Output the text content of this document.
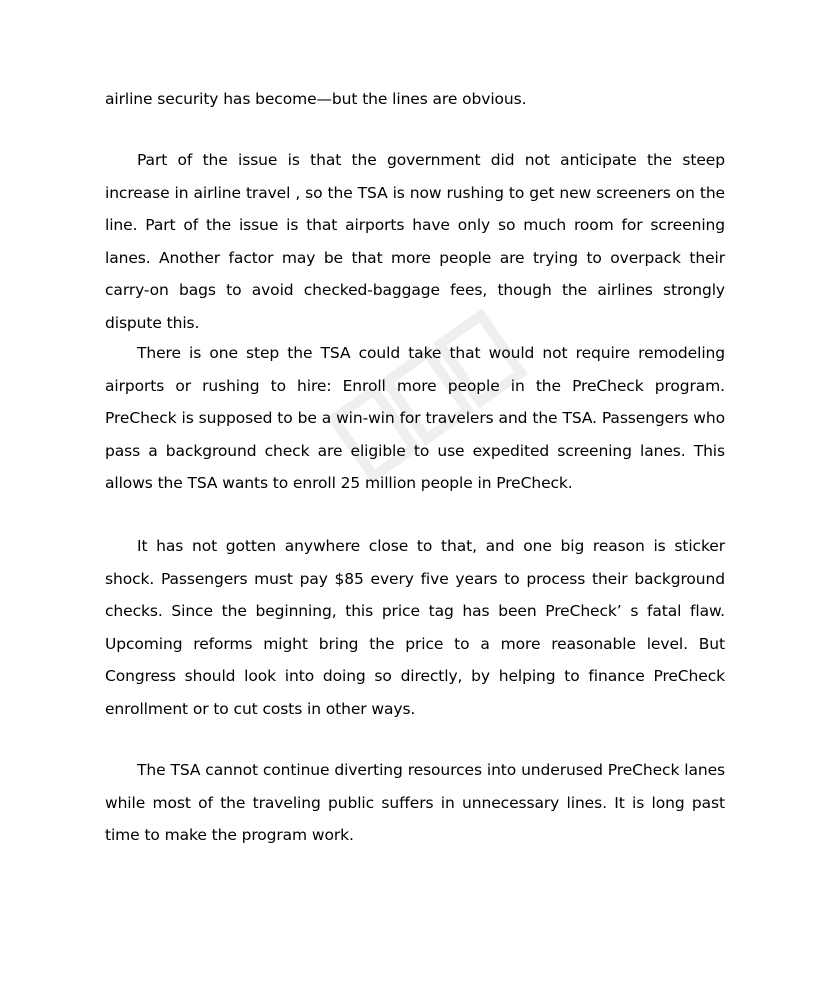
airline security has become—but the lines are obvious.
Part of the issue is that the government did not anticipate the steep increase in airline travel , so the TSA is now rushing to get new screeners on the line. Part of the issue is that airports have only so much room for screening lanes. Another factor may be that more people are trying to overpack their carry-on bags to avoid checked-baggage fees, though the airlines strongly dispute this.
There is one step the TSA could take that would not require remodeling airports or rushing to hire: Enroll more people in the PreCheck program. PreCheck is supposed to be a win-win for travelers and the TSA. Passengers who pass a background check are eligible to use expedited screening lanes. This allows the TSA wants to enroll 25 million people in PreCheck.
It has not gotten anywhere close to that, and one big reason is sticker shock. Passengers must pay $85 every five years to process their background checks. Since the beginning, this price tag has been PreCheck’ s fatal flaw. Upcoming reforms might bring the price to a more reasonable level. But Congress should look into doing so directly, by helping to finance PreCheck enrollment or to cut costs in other ways.
The TSA cannot continue diverting resources into underused PreCheck lanes while most of the traveling public suffers in unnecessary lines. It is long past time to make the program work.
